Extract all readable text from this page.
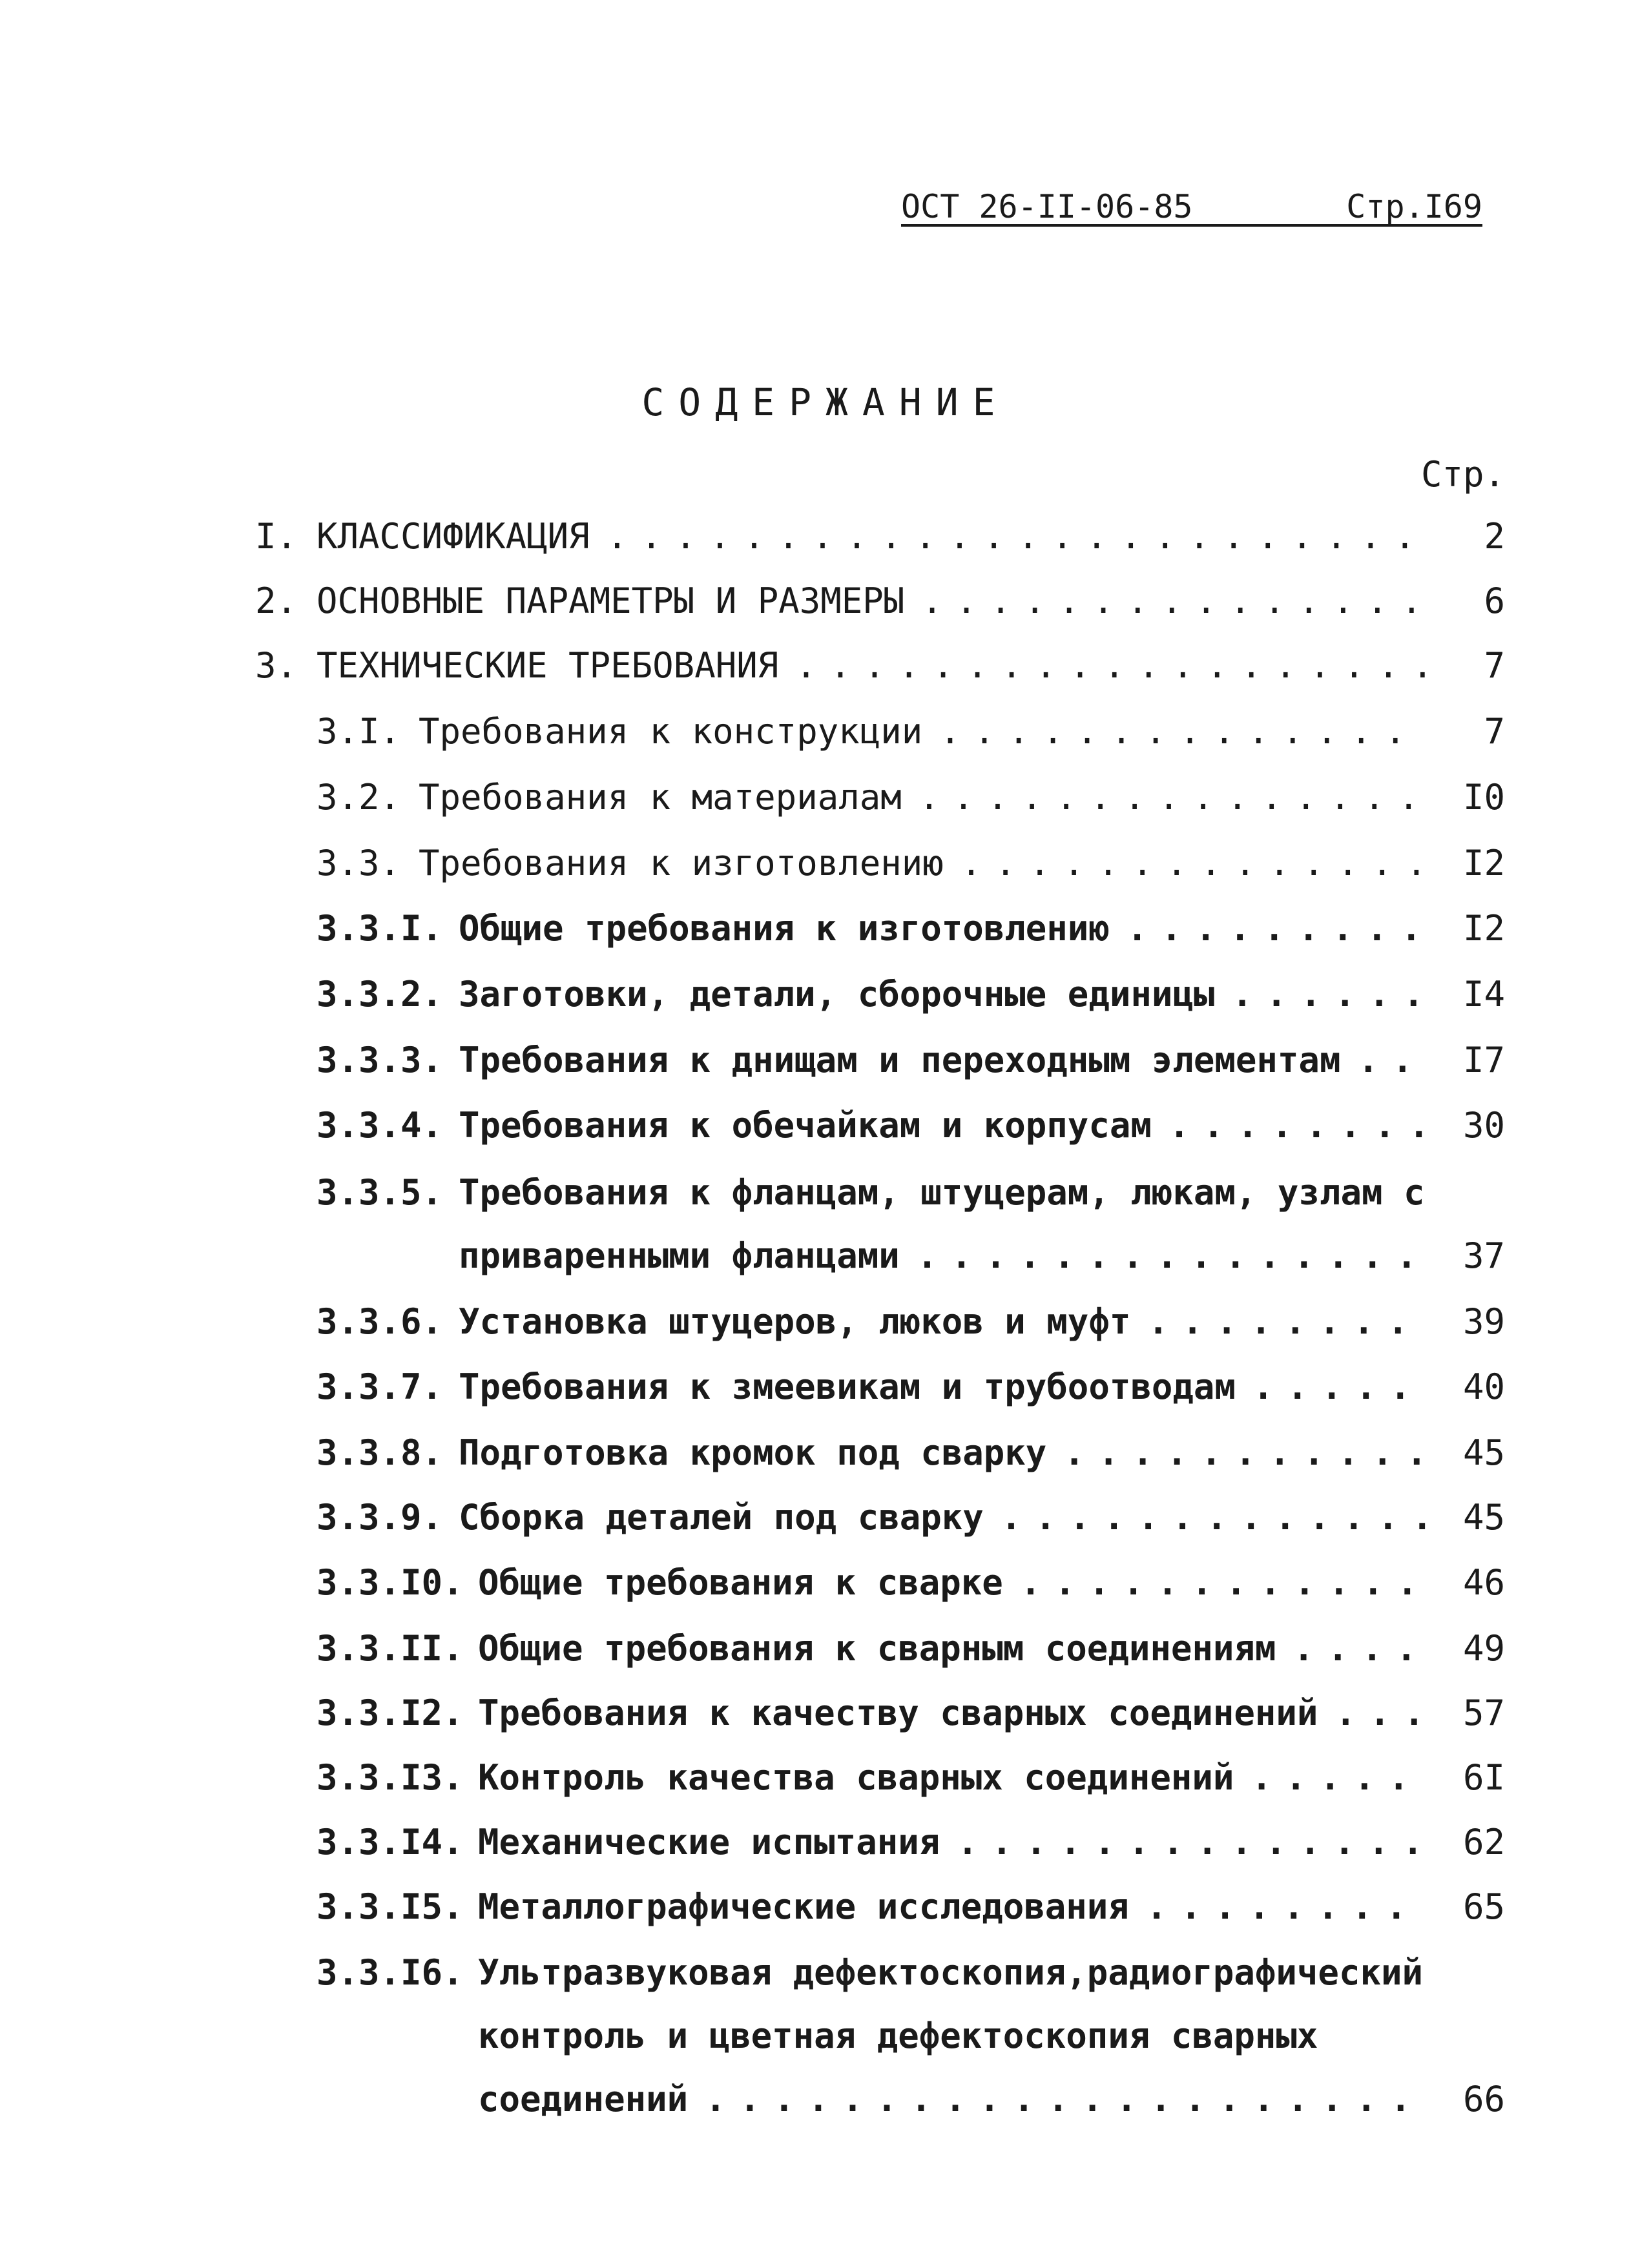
ОСТ 26-II-06-85	Стр.I69
СОДЕРЖАНИЕ
Стр.
I. КЛАССИФИКАЦИЯ . . .	2
2. ОСНОВНЫЕ ПАРАМЕТРЫ И РАЗМЕРЫ . . .	6
3. ТЕХНИЧЕСКИЕ ТРЕБОВАНИЯ . . .	7
3.I. Требования к конструкции . . .	7
3.2. Требования к материалам . . .	I0
3.3. Требования к изготовлению . . .	I2
3.3.I. Общие требования к изготовлению . . .	I2
3.3.2. Заготовки, детали, сборочные единицы . . .	I4
3.3.3. Требования к днищам и переходным элементам . . .	I7
3.3.4. Требования к обечайкам и корпусам . . .	30
3.3.5. Требования к фланцам, штуцерам, люкам, узлам с
приваренными фланцами . . .	37
3.3.6. Установка штуцеров, люков и муфт . . .	39
3.3.7. Требования к змеевикам и трубоотводам . . .	40
3.3.8. Подготовка кромок под сварку . . .	45
3.3.9. Сборка деталей под сварку . . .	45
3.3.I0. Общие требования к сварке . . .	46
3.3.II. Общие требования к сварным соединениям . . .	49
3.3.I2. Требования к качеству сварных соединений . . .	57
3.3.I3. Контроль качества сварных соединений . . .	6I
3.3.I4. Механические испытания . . .	62
3.3.I5. Металлографические исследования . . .	65
3.3.I6. Ультразвуковая дефектоскопия,радиографический
контроль и цветная дефектоскопия сварных
соединений . . .	66
